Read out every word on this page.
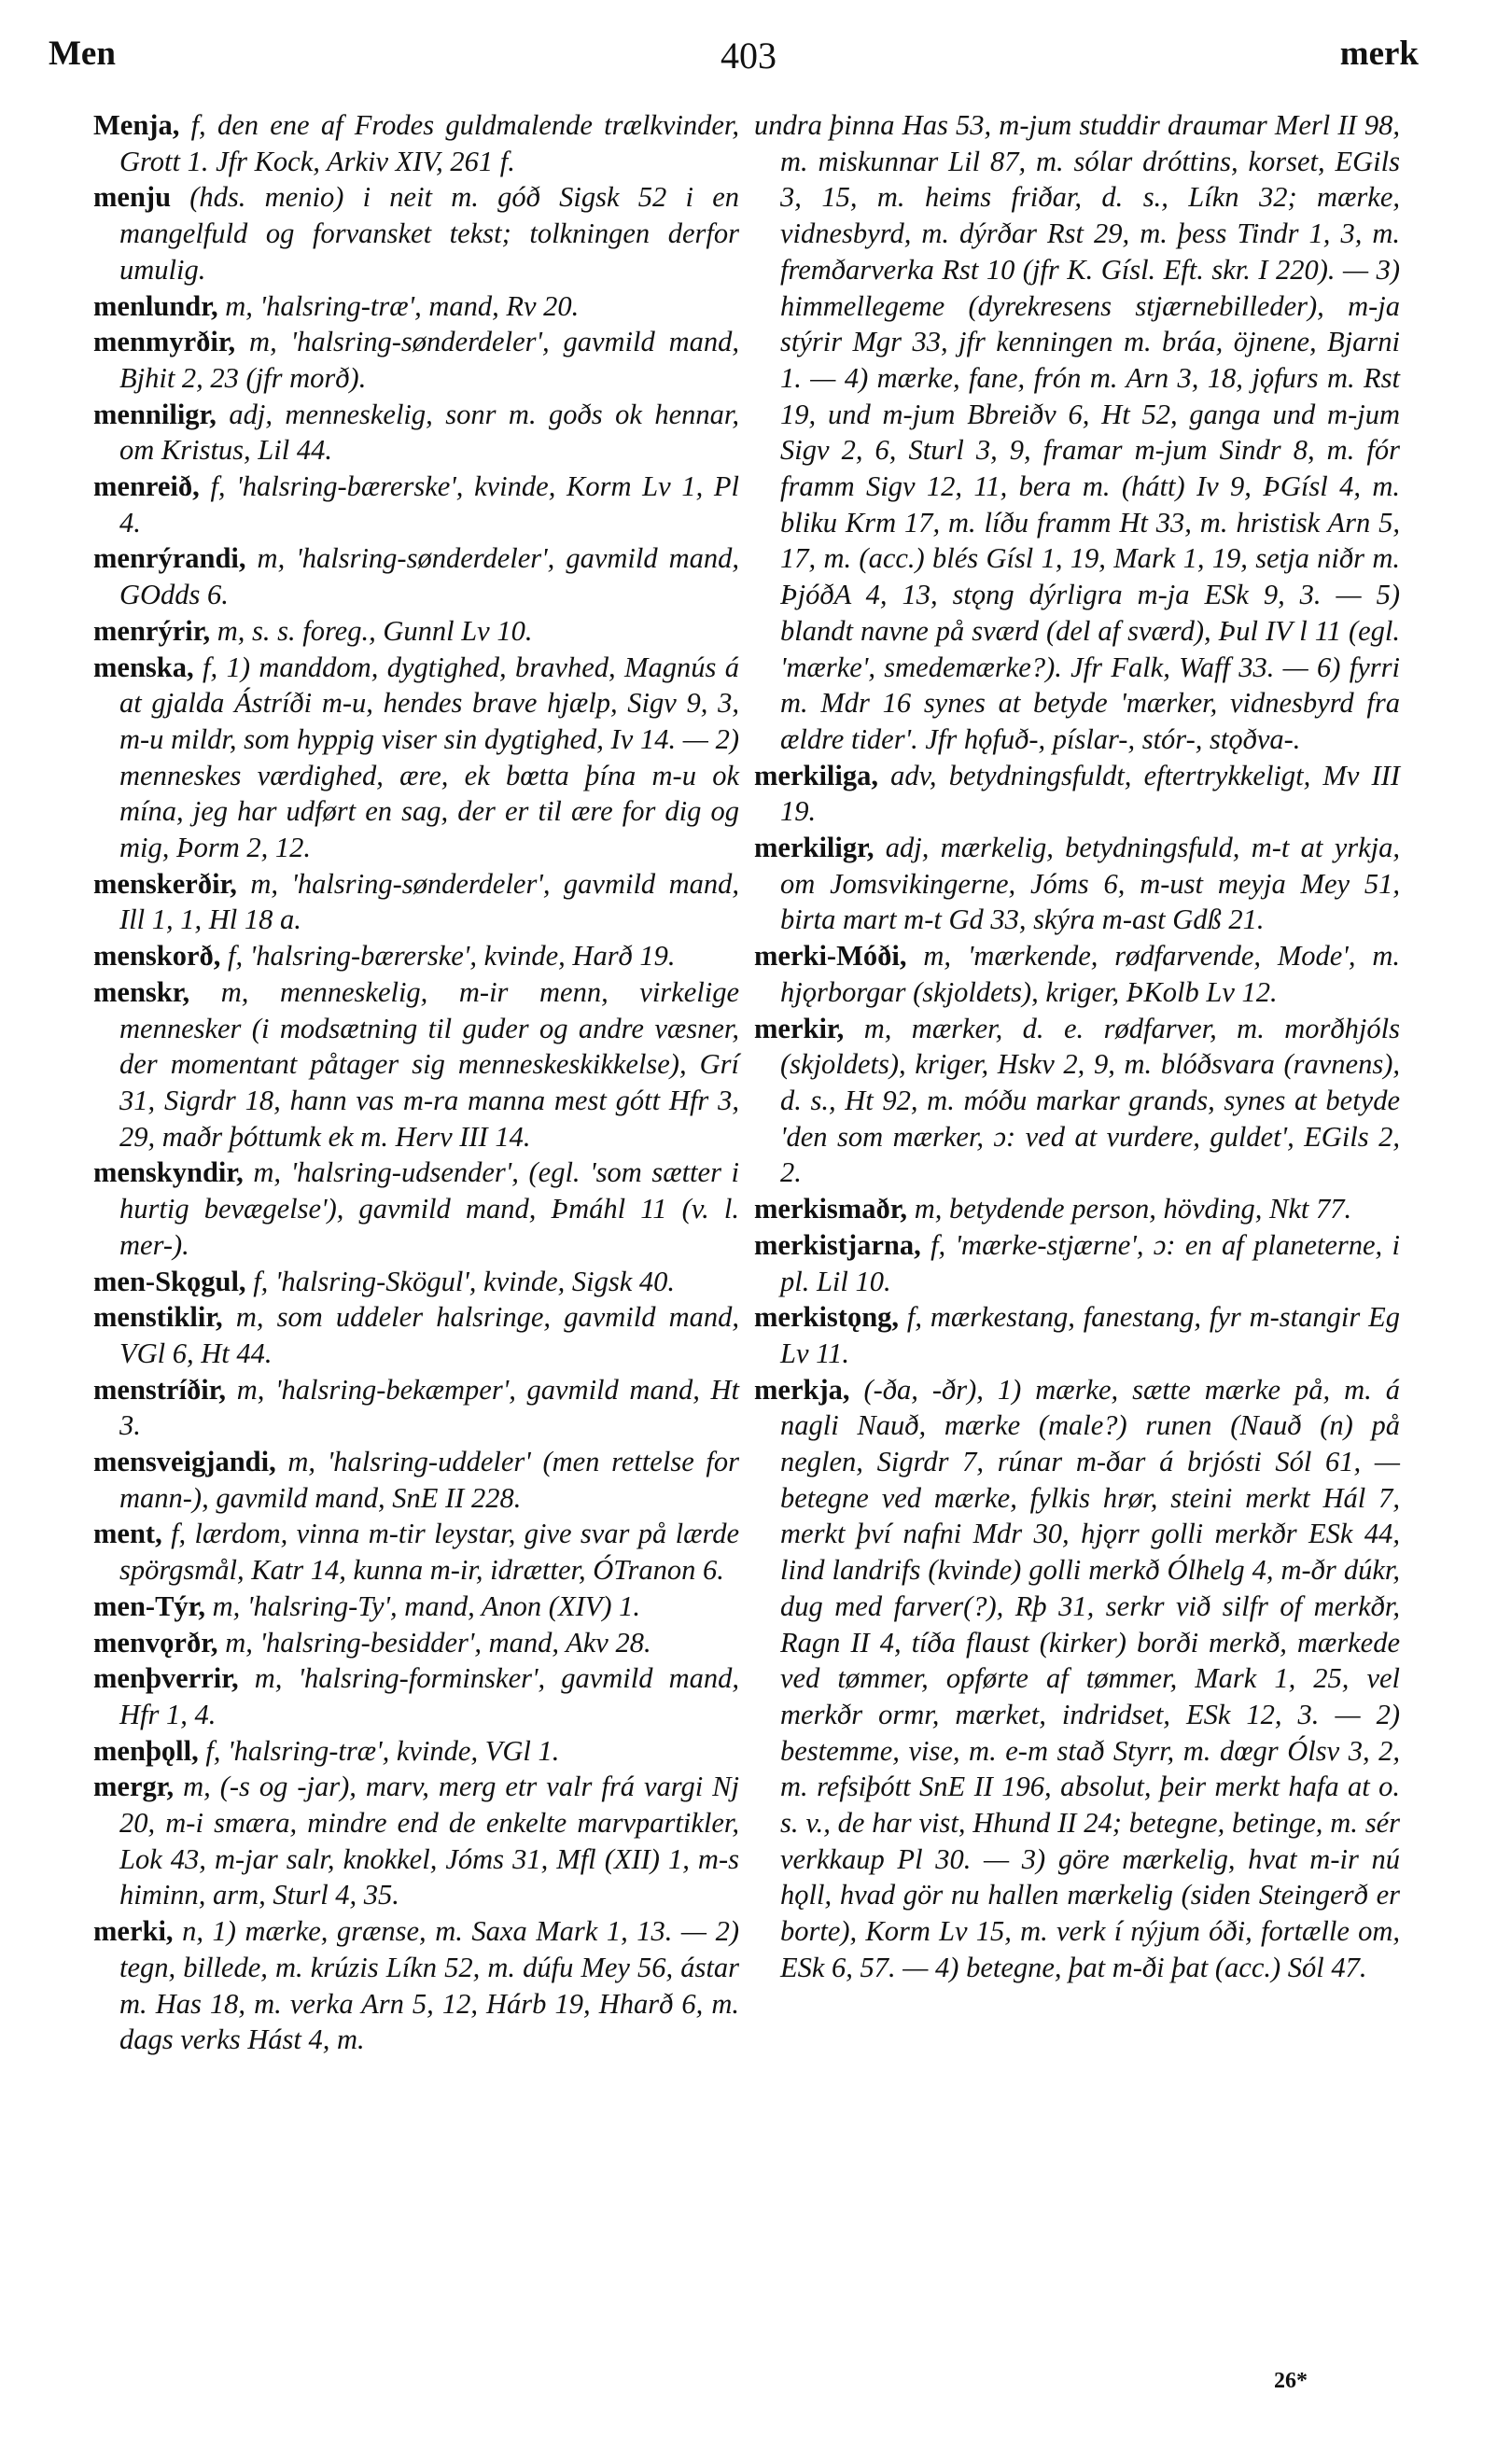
Men	403	merk

Menja, f, den ene af Frodes guldmalende trælkvinder, Grott 1. Jfr Kock, Arkiv XIV, 261 f.

menju (hds. menio) i neit m. góð Sigsk 52 i en mangelfuld og forvansket tekst; tolkningen derfor umulig.

menlundr, m, 'halsring-træ', mand, Rv 20.

menmyrðir, m, 'halsring-sønderdeler', gavmild mand, Bjhit 2, 23 (jfr morð).

menniligr, adj, menneskelig, sonr m. goðs ok hennar, om Kristus, Lil 44.

menreið, f, 'halsring-bærerske', kvinde, Korm Lv 1, Pl 4.

menrýrandi, m, 'halsring-sønderdeler', gavmild mand, GOdds 6.

menrýrir, m, s. s. foreg., Gunnl Lv 10.

menska, f, 1) manddom, dygtighed, bravhed, Magnús á at gjalda Ástríði m-u, hendes brave hjælp, Sigv 9, 3, m-u mildr, som hyppig viser sin dygtighed, Iv 14. — 2) menneskes værdighed, ære, ek bœtta þína m-u ok mína, jeg har udført en sag, der er til ære for dig og mig, Þorm 2, 12.

menskerðir, m, 'halsring-sønderdeler', gavmild mand, Ill 1, 1, Hl 18 a.

menskorð, f, 'halsring-bærerske', kvinde, Harð 19.

menskr, m, menneskelig, m-ir menn, virkelige mennesker (i modsætning til guder og andre væsner, der momentant påtager sig menneskeskikkelse), Grí 31, Sigrdr 18, hann vas m-ra manna mest gótt Hfr 3, 29, maðr þóttumk ek m. Herv III 14.

menskyndir, m, 'halsring-udsender', (egl. 'som sætter i hurtig bevægelse'), gavmild mand, Þmáhl 11 (v. l. mer-).

men-Skǫgul, f, 'halsring-Skögul', kvinde, Sigsk 40.

menstiklir, m, som uddeler halsringe, gavmild mand, VGl 6, Ht 44.

menstríðir, m, 'halsring-bekæmper', gavmild mand, Ht 3.

mensveigjandi, m, 'halsring-uddeler' (men rettelse for mann-), gavmild mand, SnE II 228.

ment, f, lærdom, vinna m-tir leystar, give svar på lærde spörgsmål, Katr 14, kunna m-ir, idrætter, ÓTranon 6.

men-Týr, m, 'halsring-Ty', mand, Anon (XIV) 1.

menvǫrðr, m, 'halsring-besidder', mand, Akv 28.

menþverrir, m, 'halsring-forminsker', gavmild mand, Hfr 1, 4.

menþǫll, f, 'halsring-træ', kvinde, VGl 1.

mergr, m, (-s og -jar), marv, merg etr valr frá vargi Nj 20, m-i smæra, mindre end de enkelte marvpartikler, Lok 43, m-jar salr, knokkel, Jóms 31, Mfl (XII) 1, m-s himinn, arm, Sturl 4, 35.

merki, n, 1) mærke, grænse, m. Saxa Mark 1, 13. — 2) tegn, billede, m. krúzis Líkn 52, m. dúfu Mey 56, ástar m. Has 18, m. verka Arn 5, 12, Hárb 19, Hharð 6, m. dags verks Hást 4, m.

undra þinna Has 53, m-jum studdir draumar Merl II 98, m. miskunnar Lil 87, m. sólar dróttins, korset, EGils 3, 15, m. heims friðar, d. s., Líkn 32; mærke, vidnesbyrd, m. dýrðar Rst 29, m. þess Tindr 1, 3, m. fremðarverka Rst 10 (jfr K. Gísl. Eft. skr. I 220). — 3) himmellegeme (dyrekresens stjærnebilleder), m-ja stýrir Mgr 33, jfr kenningen m. bráa, öjnene, Bjarni 1. — 4) mærke, fane, frón m. Arn 3, 18, jǫfurs m. Rst 19, und m-jum Bbreiðv 6, Ht 52, ganga und m-jum Sigv 2, 6, Sturl 3, 9, framar m-jum Sindr 8, m. fór framm Sigv 12, 11, bera m. (hátt) Iv 9, ÞGísl 4, m. bliku Krm 17, m. líðu framm Ht 33, m. hristisk Arn 5, 17, m. (acc.) blés Gísl 1, 19, Mark 1, 19, setja niðr m. ÞjóðA 4, 13, stǫng dýrligra m-ja ESk 9, 3. — 5) blandt navne på sværd (del af sværd), Þul IV l 11 (egl. 'mærke', smedemærke?). Jfr Falk, Waff 33. — 6) fyrri m. Mdr 16 synes at betyde 'mærker, vidnesbyrd fra ældre tider'. Jfr hǫfuð-, píslar-, stór-, stǫðva-.

merkiliga, adv, betydningsfuldt, eftertrykkeligt, Mv III 19.

merkiligr, adj, mærkelig, betydningsfuld, m-t at yrkja, om Jomsvikingerne, Jóms 6, m-ust meyja Mey 51, birta mart m-t Gd 33, skýra m-ast Gdß 21.

merki-Móði, m, 'mærkende, rødfarvende, Mode', m. hjǫrborgar (skjoldets), kriger, ÞKolb Lv 12.

merkir, m, mærker, d. e. rødfarver, m. morðhjóls (skjoldets), kriger, Hskv 2, 9, m. blóðsvara (ravnens), d. s., Ht 92, m. móðu markar grands, synes at betyde 'den som mærker, ɔ: ved at vurdere, guldet', EGils 2, 2.

merkismaðr, m, betydende person, hövding, Nkt 77.

merkistjarna, f, 'mærke-stjærne', ɔ: en af planeterne, i pl. Lil 10.

merkistǫng, f, mærkestang, fanestang, fyr m-stangir Eg Lv 11.

merkja, (-ða, -ðr), 1) mærke, sætte mærke på, m. á nagli Nauð, mærke (male?) runen (Nauð (n) på neglen, Sigrdr 7, rúnar m-ðar á brjósti Sól 61, — betegne ved mærke, fylkis hrør, steini merkt Hál 7, merkt því nafni Mdr 30, hjǫrr golli merkðr ESk 44, lind landrifs (kvinde) golli merkð Ólhelg 4, m-ðr dúkr, dug med farver(?), Rþ 31, serkr við silfr of merkðr, Ragn II 4, tíða flaust (kirker) borði merkð, mærkede ved tømmer, opførte af tømmer, Mark 1, 25, vel merkðr ormr, mærket, indridset, ESk 12, 3. — 2) bestemme, vise, m. e-m stað Styrr, m. dœgr Ólsv 3, 2, m. refsiþótt SnE II 196, absolut, þeir merkt hafa at o. s. v., de har vist, Hhund II 24; betegne, betinge, m. sér verkkaup Pl 30. — 3) göre mærkelig, hvat m-ir nú hǫll, hvad gör nu hallen mærkelig (siden Steingerð er borte), Korm Lv 15, m. verk í nýjum óði, fortælle om, ESk 6, 57. — 4) betegne, þat m-ði þat (acc.) Sól 47.

26*
